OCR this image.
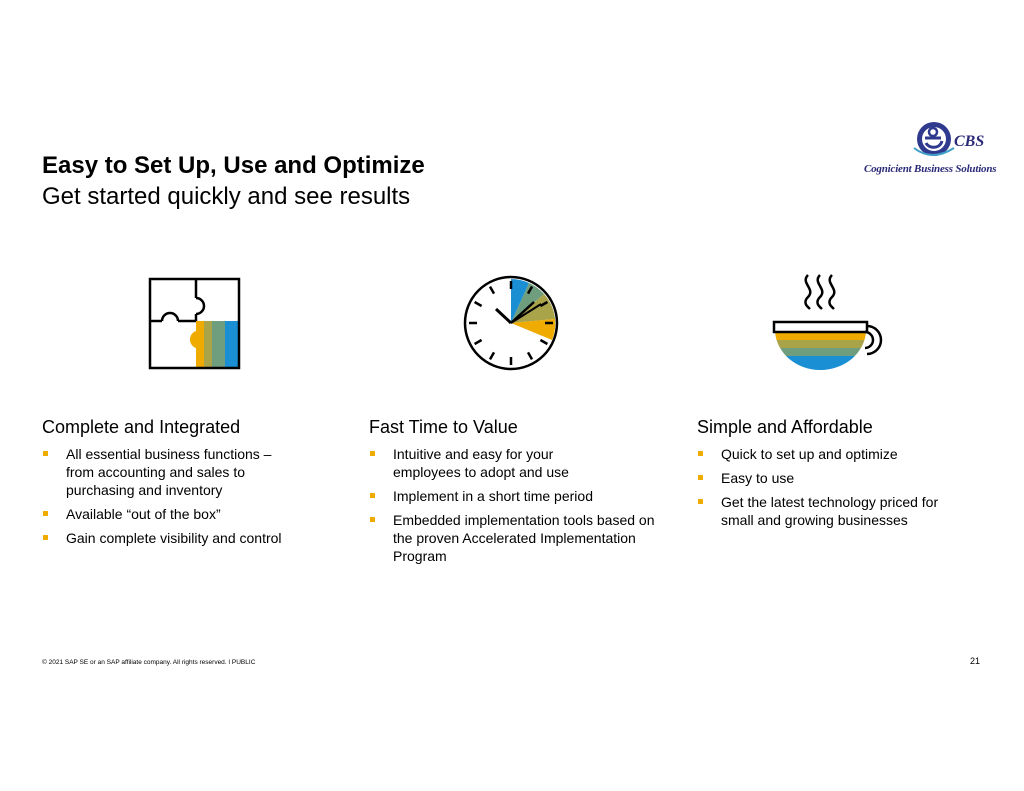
Easy to Set Up, Use and Optimize
Get started quickly and see results
CBS
Cognicient Business Solutions
Complete and Integrated
All essential business functions – from accounting and sales to purchasing and inventory
Available “out of the box”
Gain complete visibility and control
Fast Time to Value
Intuitive and easy for your employees to adopt and use
Implement in a short time period
Embedded implementation tools based on the proven Accelerated Implementation Program
Simple and Affordable
Quick to set up and optimize
Easy to use
Get the latest technology priced for small and growing businesses
© 2021 SAP SE or an SAP affiliate company. All rights reserved. ǀ PUBLIC	21
